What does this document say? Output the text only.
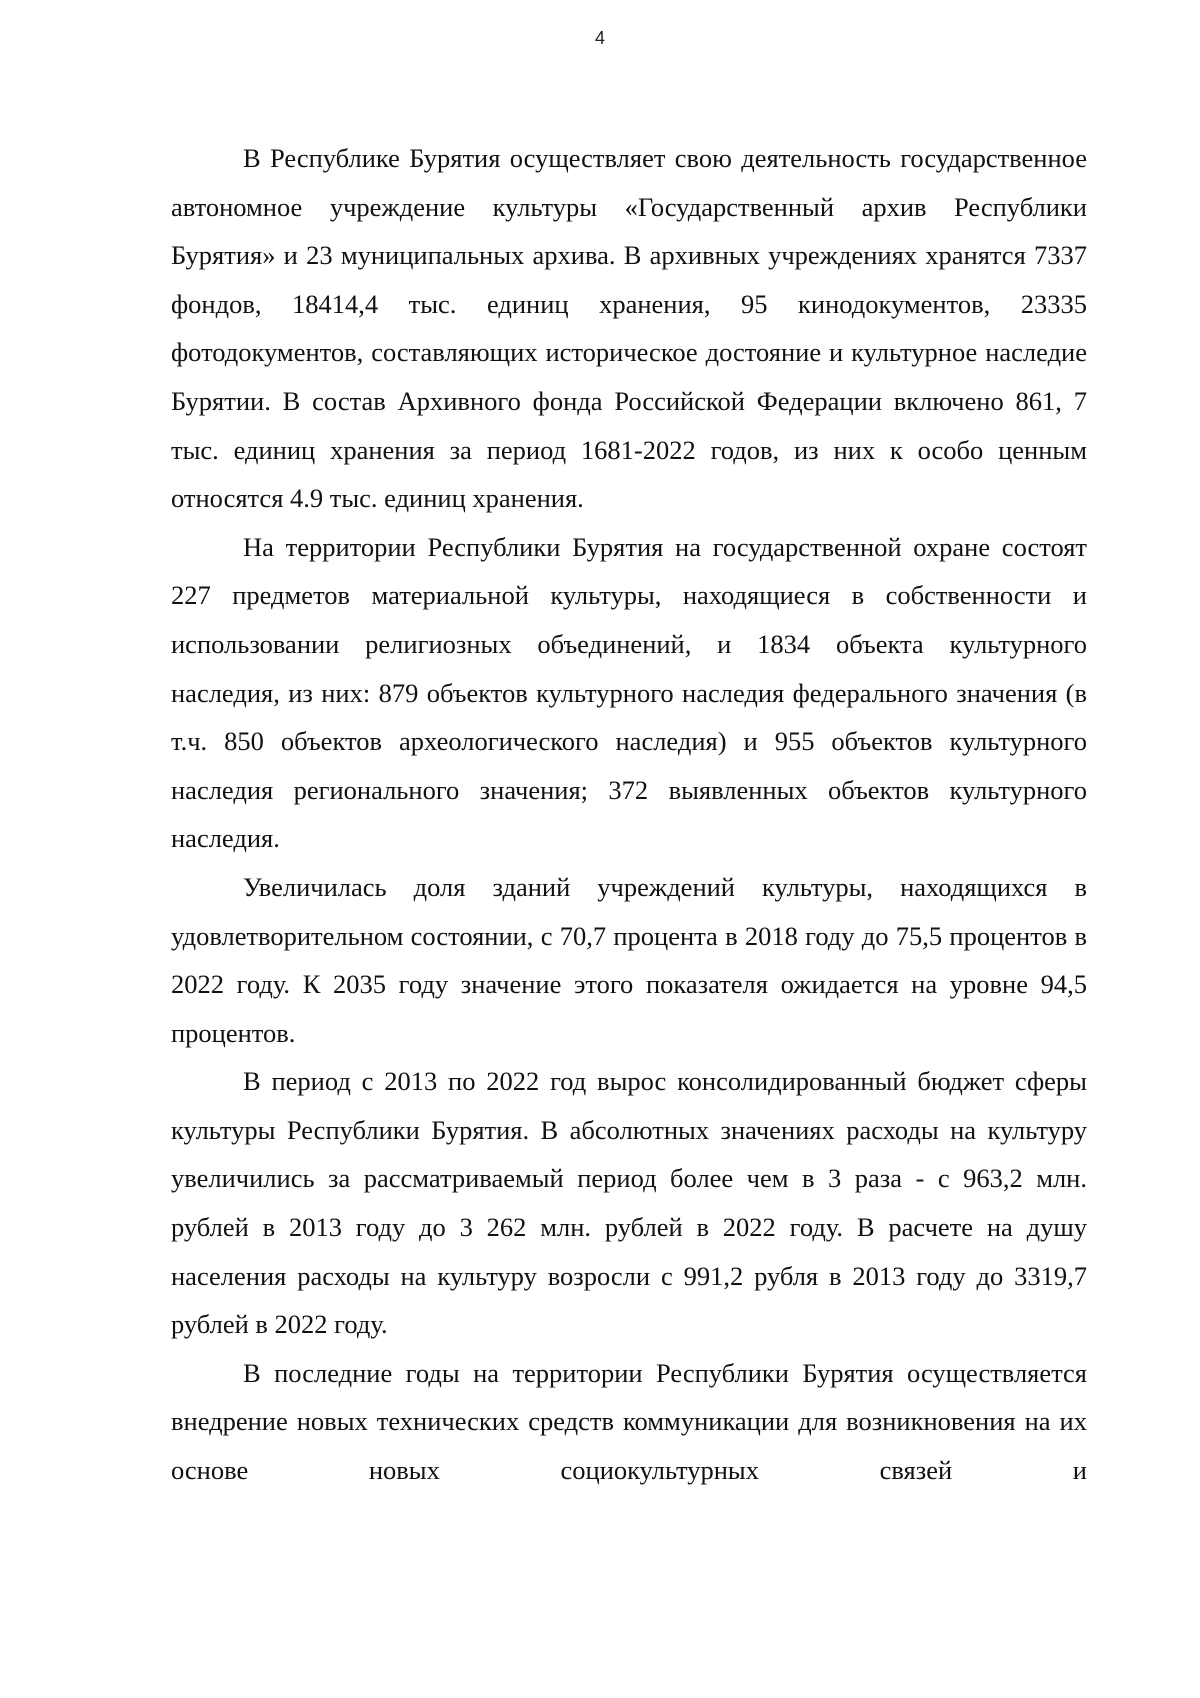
4

В Республике Бурятия осуществляет свою деятельность государственное автономное учреждение культуры «Государственный архив Республики Бурятия» и 23 муниципальных архива. В архивных учреждениях хранятся 7337 фондов, 18414,4 тыс. единиц хранения, 95 кинодокументов, 23335 фотодокументов, составляющих историческое достояние и культурное наследие Бурятии. В состав Архивного фонда Российской Федерации включено 861, 7 тыс. единиц хранения за период 1681-2022 годов, из них к особо ценным относятся 4.9 тыс. единиц хранения.

На территории Республики Бурятия на государственной охране состоят 227 предметов материальной культуры, находящиеся в собственности и использовании религиозных объединений, и 1834 объекта культурного наследия, из них: 879 объектов культурного наследия федерального значения (в т.ч. 850 объектов археологического наследия) и 955 объектов культурного наследия регионального значения; 372 выявленных объектов культурного наследия.

Увеличилась доля зданий учреждений культуры, находящихся в удовлетворительном состоянии, с 70,7 процента в 2018 году до 75,5 процентов в 2022 году. К 2035 году значение этого показателя ожидается на уровне 94,5 процентов.

В период с 2013 по 2022 год вырос консолидированный бюджет сферы культуры Республики Бурятия. В абсолютных значениях расходы на культуру увеличились за рассматриваемый период более чем в 3 раза - с 963,2 млн. рублей в 2013 году до 3 262 млн. рублей в 2022 году. В расчете на душу населения расходы на культуру возросли с 991,2 рубля в 2013 году до 3319,7 рублей в 2022 году.

В последние годы на территории Республики Бурятия осуществляется внедрение новых технических средств коммуникации для возникновения на их основе новых социокультурных связей и
